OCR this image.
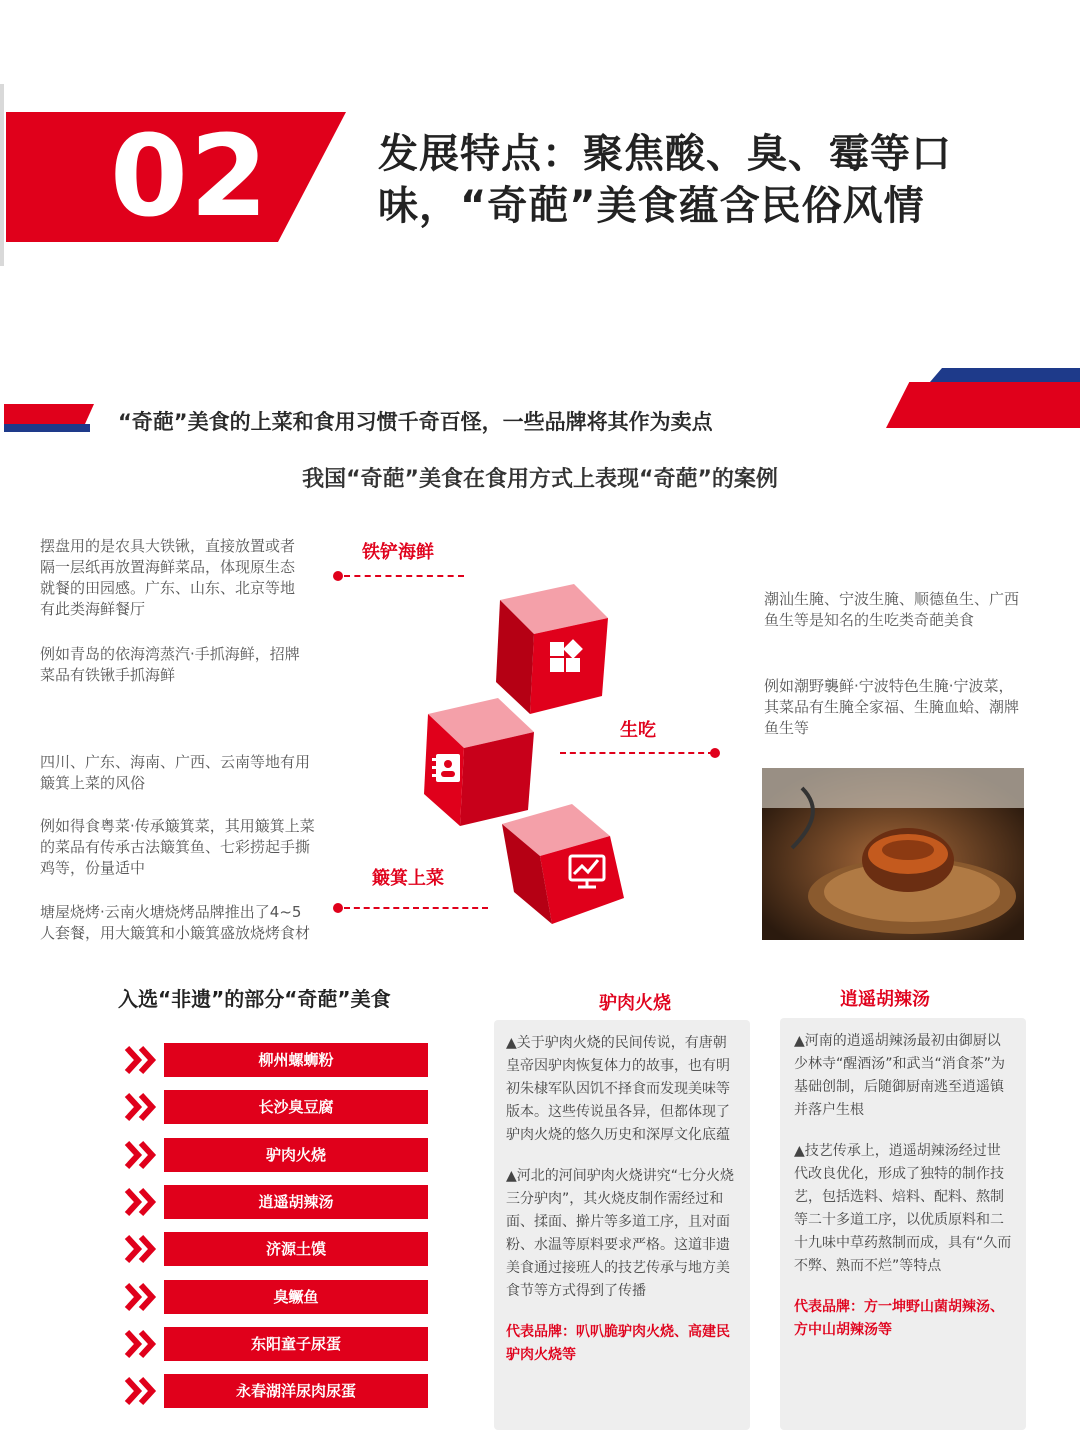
02	发展特点：聚焦酸、臭、霉等口味，“奇葩”美食蕴含民俗风情
“奇葩”美食的上菜和食用习惯千奇百怪，一些品牌将其作为卖点
我国“奇葩”美食在食用方式上表现“奇葩”的案例
摆盘用的是农具大铁锹，直接放置或者隔一层纸再放置海鲜菜品，体现原生态就餐的田园感。广东、山东、北京等地有此类海鲜餐厅
例如青岛的依海湾蒸汽·手抓海鲜，招牌菜品有铁锹手抓海鲜
铁铲海鲜
四川、广东、海南、广西、云南等地有用簸箕上菜的风俗
例如得食粤菜·传承簸箕菜，其用簸箕上菜的菜品有传承古法簸箕鱼、七彩捞起手撕鸡等，份量适中
塘屋烧烤·云南火塘烧烤品牌推出了4~5人套餐，用大簸箕和小簸箕盛放烧烤食材
簸箕上菜
潮汕生腌、宁波生腌、顺德鱼生、广西鱼生等是知名的生吃类奇葩美食
例如潮野襲鲜·宁波特色生腌·宁波菜，其菜品有生腌全家福、生腌血蛤、潮牌鱼生等
生吃
入选“非遗”的部分“奇葩”美食
柳州螺蛳粉
长沙臭豆腐
驴肉火烧
逍遥胡辣汤
济源土馍
臭鳜鱼
东阳童子尿蛋
永春湖洋尿肉尿蛋
驴肉火烧

▲关于驴肉火烧的民间传说，有唐朝皇帝因驴肉恢复体力的故事，也有明初朱棣军队因饥不择食而发现美味等版本。这些传说虽各异，但都体现了驴肉火烧的悠久历史和深厚文化底蕴

▲河北的河间驴肉火烧讲究“七分火烧三分驴肉”，其火烧皮制作需经过和面、揉面、擀片等多道工序，且对面粉、水温等原料要求严格。这道非遗美食通过接班人的技艺传承与地方美食节等方式得到了传播

代表品牌：叭叭脆驴肉火烧、高建民驴肉火烧等

逍遥胡辣汤

▲河南的逍遥胡辣汤最初由御厨以少林寺“醒酒汤”和武当“消食茶”为基础创制，后随御厨南逃至逍遥镇并落户生根

▲技艺传承上，逍遥胡辣汤经过世代改良优化，形成了独特的制作技艺，包括选料、焙料、配料、熬制等二十多道工序，以优质原料和二十九味中草药熬制而成，具有“久而不弊、熟而不烂”等特点

代表品牌：方一坤野山菌胡辣汤、方中山胡辣汤等
